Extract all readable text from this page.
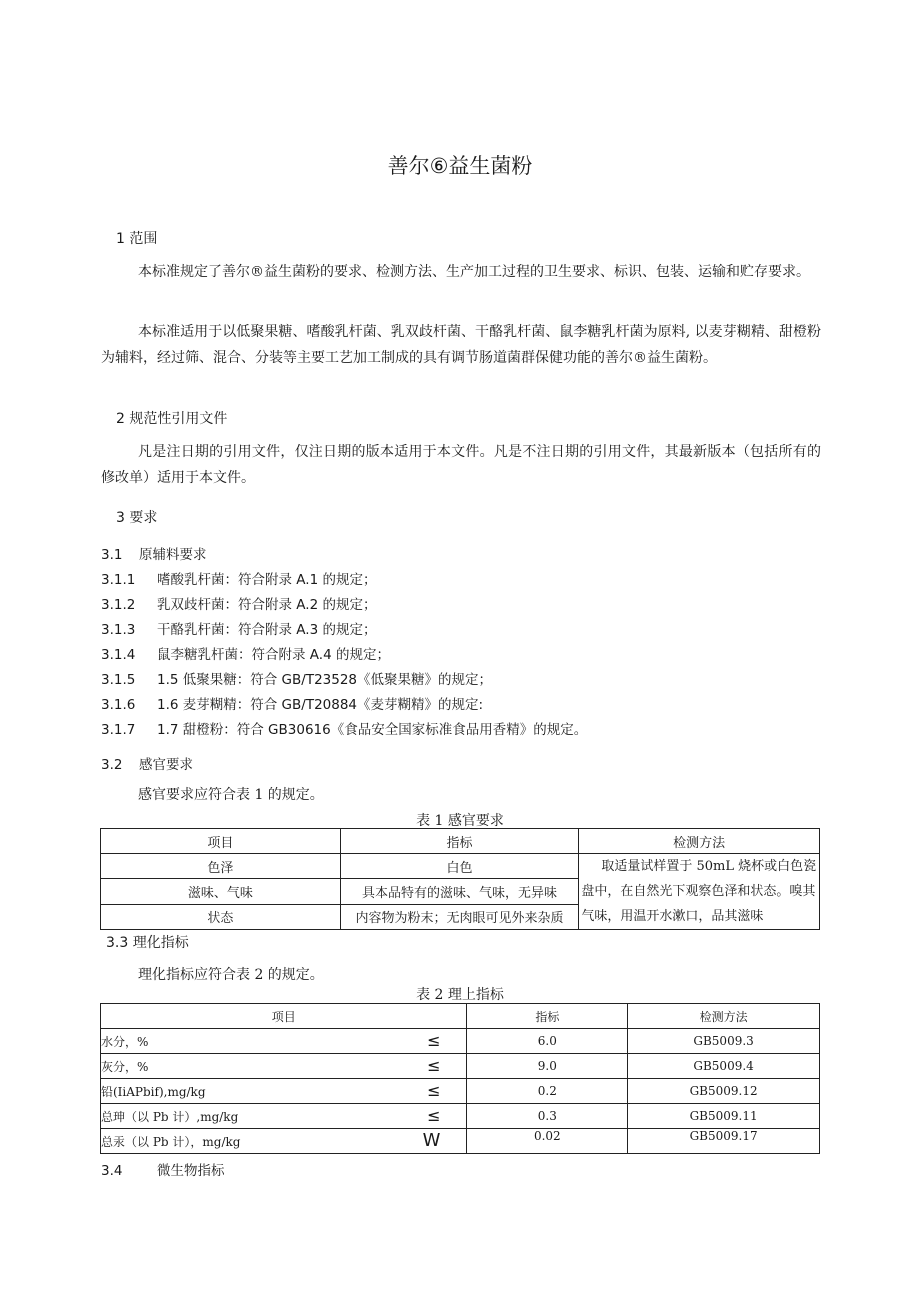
善尔⑥益生菌粉
1 范围

本标准规定了善尔®益生菌粉的要求、检测方法、生产加工过程的卫生要求、标识、包装、运输和贮存要求。

本标准适用于以低聚果糖、嗜酸乳杆菌、乳双歧杆菌、干酪乳杆菌、鼠李糖乳杆菌为原料, 以麦芽糊精、甜橙粉为辅料，经过筛、混合、分装等主要工艺加工制成的具有调节肠道菌群保健功能的善尔®益生菌粉。

2 规范性引用文件

凡是注日期的引用文件，仅注日期的版本适用于本文件。凡是不注日期的引用文件，其最新版本（包括所有的修改单）适用于本文件。

3 要求
3.1 原辅料要求
3.1.1 嗜酸乳杆菌：符合附录 A.1 的规定；
3.1.2 乳双歧杆菌：符合附录 A.2 的规定；
3.1.3 干酪乳杆菌：符合附录 A.3 的规定；
3.1.4 鼠李糖乳杆菌：符合附录 A.4 的规定；
3.1.5 1.5 低聚果糖：符合 GB/T23528《低聚果糖》的规定；
3.1.6 1.6 麦芽糊精：符合 GB/T20884《麦芽糊精》的规定:
3.1.7 1.7 甜橙粉：符合 GB30616《食品安全国家标准食品用香精》的规定。
3.2 感官要求

感官要求应符合表 1 的规定。

表 1 感官要求
项目	指标	检测方法
色泽	白色	取适量试样置于 50mL 烧杯或白色瓷盘中，在自然光下观察色泽和状态。嗅其气味，用温开水漱口，品其滋味

滋味、气味	具本品特有的滋味、气味，无异味	
状态	内容物为粉末；无肉眼可见外来杂质	
3.3 理化指标

理化指标应符合表 2 的规定。

表 2 理上指标
项目	指标	检测方法
水分，% ≤	6.0	GB5009.3
灰分，% ≤	9.0	GB5009.4
铅(IiAPbif),mg/kg ≤	0.2	GB5009.12
总珅（以 Pb 计）,mg/kg ≤	0.3	GB5009.11
总汞（以 Pb 计），mg/kg W	0.02	GB5009.17
3.4	微生物指标
